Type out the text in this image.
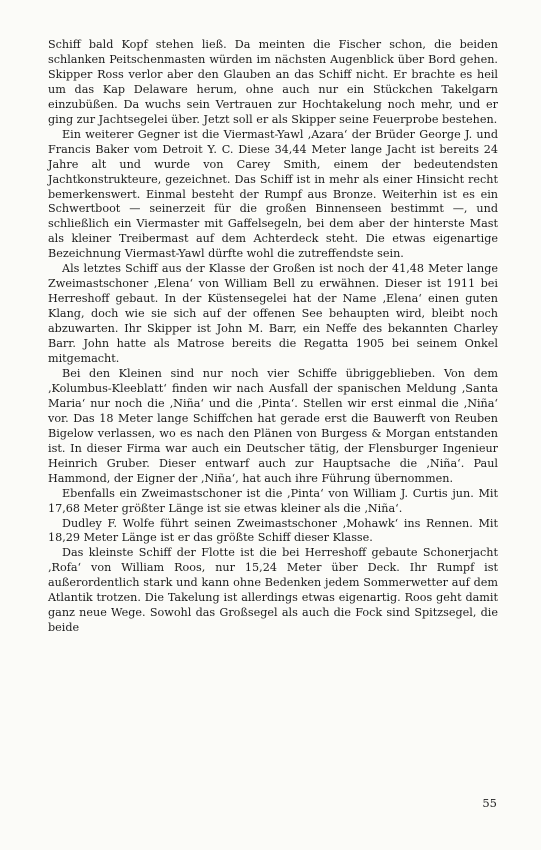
Schiff bald Kopf stehen ließ. Da meinten die Fischer schon, die beiden schlanken Peitschenmasten würden im nächsten Augenblick über Bord gehen. Skipper Ross verlor aber den Glauben an das Schiff nicht. Er brachte es heil um das Kap Delaware herum, ohne auch nur ein Stückchen Takelgarn einzubüßen. Da wuchs sein Vertrauen zur Hochtakelung noch mehr, und er ging zur Jachtsegelei über. Jetzt soll er als Skipper seine Feuerprobe bestehen.

Ein weiterer Gegner ist die Viermast-Yawl ‚Azara‘ der Brüder George J. und Francis Baker vom Detroit Y. C. Diese 34,44 Meter lange Jacht ist bereits 24 Jahre alt und wurde von Carey Smith, einem der bedeutendsten Jachtkonstrukteure, gezeichnet. Das Schiff ist in mehr als einer Hinsicht recht bemerkenswert. Einmal besteht der Rumpf aus Bronze. Weiterhin ist es ein Schwertboot — seinerzeit für die großen Binnenseen bestimmt —, und schließlich ein Viermaster mit Gaffelsegeln, bei dem aber der hinterste Mast als kleiner Treibermast auf dem Achterdeck steht. Die etwas eigenartige Bezeichnung Viermast-Yawl dürfte wohl die zutreffendste sein.

Als letztes Schiff aus der Klasse der Großen ist noch der 41,48 Meter lange Zweimastschoner ‚Elena‘ von William Bell zu erwähnen. Dieser ist 1911 bei Herreshoff gebaut. In der Küstensegelei hat der Name ‚Elena‘ einen guten Klang, doch wie sie sich auf der offenen See behaupten wird, bleibt noch abzuwarten. Ihr Skipper ist John M. Barr, ein Neffe des bekannten Charley Barr. John hatte als Matrose bereits die Regatta 1905 bei seinem Onkel mitgemacht.

Bei den Kleinen sind nur noch vier Schiffe übriggeblieben. Von dem ‚Kolumbus-Kleeblatt‘ finden wir nach Ausfall der spanischen Meldung ‚Santa Maria‘ nur noch die ‚Niña‘ und die ‚Pinta‘. Stellen wir erst einmal die ‚Niña‘ vor. Das 18 Meter lange Schiffchen hat gerade erst die Bauwerft von Reuben Bigelow verlassen, wo es nach den Plänen von Burgess & Morgan entstanden ist. In dieser Firma war auch ein Deutscher tätig, der Flensburger Ingenieur Heinrich Gruber. Dieser entwarf auch zur Hauptsache die ‚Niña‘. Paul Hammond, der Eigner der ‚Niña‘, hat auch ihre Führung übernommen.

Ebenfalls ein Zweimastschoner ist die ‚Pinta‘ von William J. Curtis jun. Mit 17,68 Meter größter Länge ist sie etwas kleiner als die ‚Niña‘.

Dudley F. Wolfe führt seinen Zweimastschoner ‚Mohawk‘ ins Rennen. Mit 18,29 Meter Länge ist er das größte Schiff dieser Klasse.

Das kleinste Schiff der Flotte ist die bei Herreshoff gebaute Schonerjacht ‚Rofa‘ von William Roos, nur 15,24 Meter über Deck. Ihr Rumpf ist außerordentlich stark und kann ohne Bedenken jedem Sommerwetter auf dem Atlantik trotzen. Die Takelung ist allerdings etwas eigenartig. Roos geht damit ganz neue Wege. Sowohl das Großsegel als auch die Fock sind Spitzsegel, die beide

55
